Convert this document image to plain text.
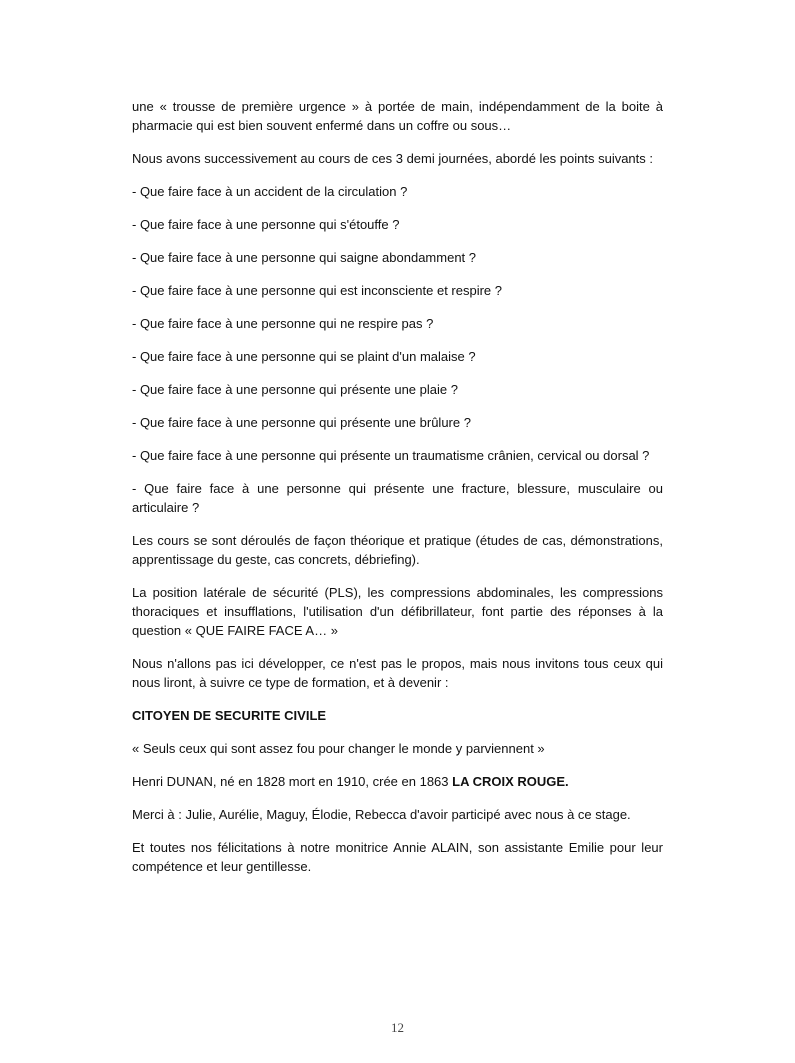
une « trousse de première urgence » à portée de main, indépendamment de la boite à pharmacie qui est bien souvent enfermé dans un coffre ou sous…

Nous avons successivement au cours de ces 3 demi journées, abordé les points suivants :

- Que faire face à un accident de la circulation ?

- Que faire face à une personne qui s'étouffe ?

- Que faire face à une personne qui saigne abondamment ?

- Que faire face à une personne qui est inconsciente et respire ?

- Que faire face à une personne qui ne respire pas ?

- Que faire face à une personne qui se plaint d'un malaise ?

- Que faire face à une personne qui présente une plaie ?

- Que faire face à une personne qui présente une brûlure ?

- Que faire face à une personne qui présente un traumatisme crânien, cervical ou dorsal ?

- Que faire face à une personne qui présente une fracture, blessure, musculaire ou articulaire ?

Les cours se sont déroulés de façon théorique et pratique (études de cas, démonstrations, apprentissage du geste, cas concrets, débriefing).

La position latérale de sécurité (PLS), les compressions abdominales, les compressions thoraciques et insufflations, l'utilisation d'un défibrillateur, font partie des réponses à la question « QUE FAIRE FACE A… »

Nous n'allons pas ici développer, ce n'est pas le propos, mais nous invitons tous ceux qui nous liront, à suivre ce type de formation, et à devenir :

CITOYEN DE SECURITE CIVILE

« Seuls ceux qui sont assez fou pour changer le monde y parviennent »

Henri DUNAN, né en 1828 mort en 1910, crée en 1863 LA CROIX ROUGE.

Merci à : Julie, Aurélie, Maguy, Élodie, Rebecca d'avoir participé avec nous à ce stage.

Et toutes nos félicitations à notre monitrice Annie ALAIN, son assistante Emilie pour leur compétence et leur gentillesse.

12
